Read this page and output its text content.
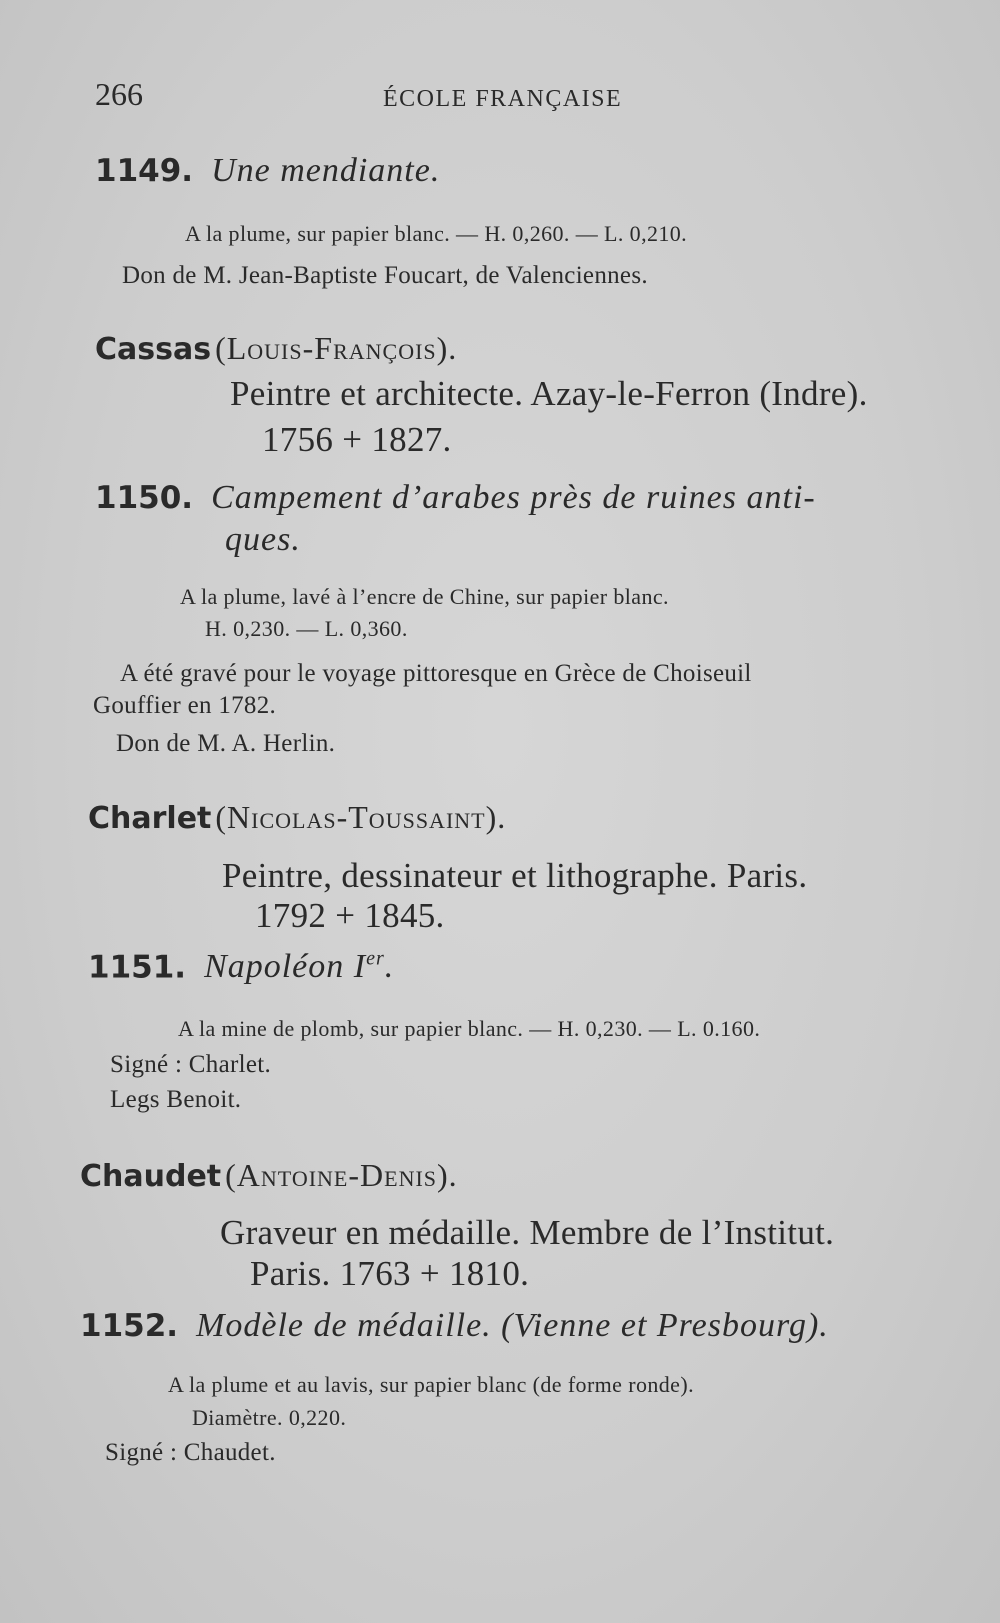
266	ÉCOLE FRANÇAISE
1149. Une mendiante.
A la plume, sur papier blanc. — H. 0,260. — L. 0,210.
Don de M. Jean-Baptiste Foucart, de Valenciennes.
Cassas (Louis-François).
Peintre et architecte. Azay-le-Ferron (Indre).
1756 + 1827.
1150. Campement d’arabes près de ruines anti-
ques.
A la plume, lavé à l’encre de Chine, sur papier blanc.
H. 0,230. — L. 0,360.
A été gravé pour le voyage pittoresque en Grèce de Choiseuil
Gouffier en 1782.
Don de M. A. Herlin.
Charlet (Nicolas-Toussaint).
Peintre, dessinateur et lithographe. Paris.
1792 + 1845.
1151. Napoléon Ier.
A la mine de plomb, sur papier blanc. — H. 0,230. — L. 0.160.
Signé : Charlet.
Legs Benoit.
Chaudet (Antoine-Denis).
Graveur en médaille. Membre de l’Institut.
Paris. 1763 + 1810.
1152. Modèle de médaille. (Vienne et Presbourg).
A la plume et au lavis, sur papier blanc (de forme ronde).
Diamètre. 0,220.
Signé : Chaudet.
